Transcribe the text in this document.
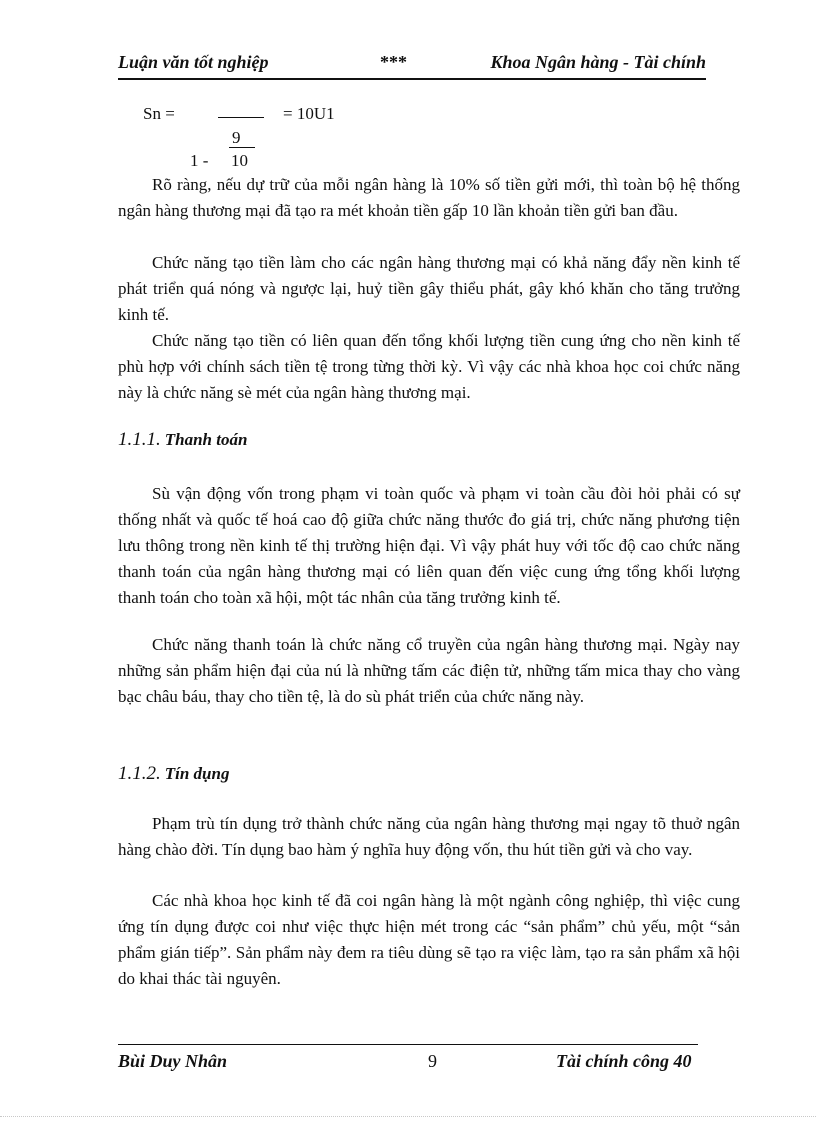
Luận văn tốt nghiệp	***	Khoa Ngân hàng - Tài chính
Sn =	= 10U1
9
1 - 10

Rõ ràng, nếu dự trữ của mỗi ngân hàng là 10% số tiền gửi mới, thì toàn bộ hệ thống ngân hàng thương mại đã tạo ra mét khoản tiền gấp 10 lần khoản tiền gửi ban đầu.

Chức năng tạo tiền làm cho các ngân hàng thương mại có khả năng đẩy nền kinh tế phát triển quá nóng và ngược lại, huỷ tiền gây thiểu phát, gây khó khăn cho tăng trưởng kinh tế.

Chức năng tạo tiền có liên quan đến tổng khối lượng tiền cung ứng cho nền kinh tế phù hợp với chính sách tiền tệ trong từng thời kỳ. Vì vậy các nhà khoa học coi chức năng này là chức năng sè mét của ngân hàng thương mại.

1.1.1. Thanh toán

Sù vận động vốn trong phạm vi toàn quốc và phạm vi toàn cầu đòi hỏi phải có sự thống nhất và quốc tế hoá cao độ giữa chức năng thước đo giá trị, chức năng phương tiện lưu thông trong nền kinh tế thị trường hiện đại. Vì vậy phát huy với tốc độ cao chức năng thanh toán của ngân hàng thương mại có liên quan đến việc cung ứng tổng khối lượng thanh toán cho toàn xã hội, một tác nhân của tăng trưởng kinh tế.

Chức năng thanh toán là chức năng cổ truyền của ngân hàng thương mại. Ngày nay những sản phẩm hiện đại của nú là những tấm các điện tử, những tấm mica thay cho vàng bạc châu báu, thay cho tiền tệ, là do sù phát triển của chức năng này.

1.1.2. Tín dụng

Phạm trù tín dụng trở thành chức năng của ngân hàng thương mại ngay tõ thuở ngân hàng chào đời. Tín dụng bao hàm ý nghĩa huy động vốn, thu hút tiền gửi và cho vay.

Các nhà khoa học kinh tế đã coi ngân hàng là một ngành công nghiệp, thì việc cung ứng tín dụng được coi như việc thực hiện mét trong các “sản phẩm” chủ yếu, một “sản phẩm gián tiếp”. Sản phẩm này đem ra tiêu dùng sẽ tạo ra việc làm, tạo ra sản phẩm xã hội do khai thác tài nguyên.

Bùi Duy Nhân	9	Tài chính công 40
